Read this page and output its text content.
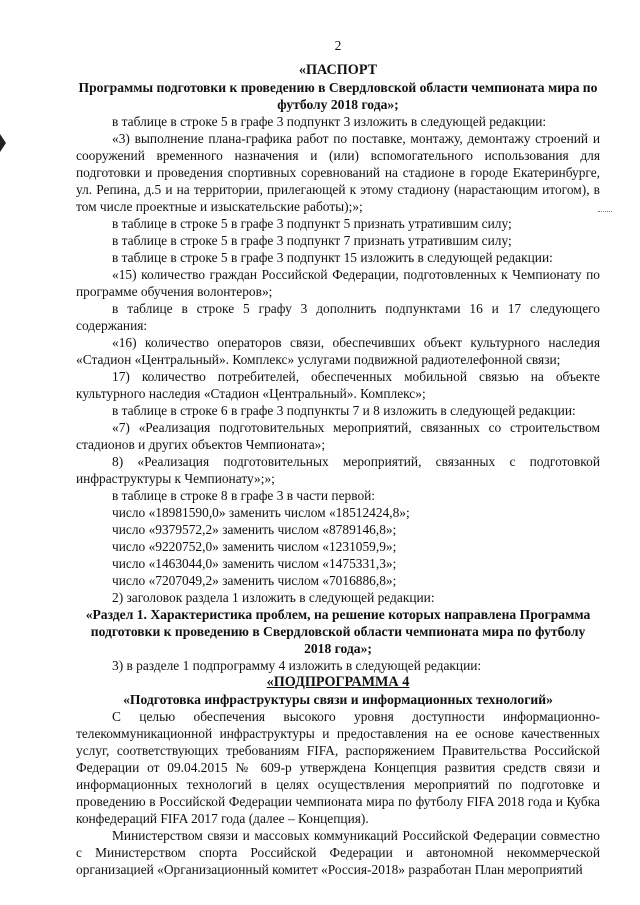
2
«ПАСПОРТ
Программы подготовки к проведению в Свердловской области чемпионата мира по футболу 2018 года»;
в таблице в строке 5 в графе 3 подпункт 3 изложить в следующей редакции:
«3) выполнение плана-графика работ по поставке, монтажу, демонтажу строений и сооружений временного назначения и (или) вспомогательного использования для подготовки и проведения спортивных соревнований на стадионе в городе Екатеринбурге, ул. Репина, д.5 и на территории, прилегающей к этому стадиону (нарастающим итогом), в том числе проектные и изыскательские работы);»;
в таблице в строке 5 в графе 3 подпункт 5 признать утратившим силу;
в таблице в строке 5 в графе 3 подпункт 7 признать утратившим силу;
в таблице в строке 5 в графе 3 подпункт 15 изложить в следующей редакции:
«15) количество граждан Российской Федерации, подготовленных к Чемпионату по программе обучения волонтеров»;
в таблице в строке 5 графу 3 дополнить подпунктами 16 и 17 следующего содержания:
«16) количество операторов связи, обеспечивших объект культурного наследия «Стадион «Центральный». Комплекс» услугами подвижной радиотелефонной связи;
17) количество потребителей, обеспеченных мобильной связью на объекте культурного наследия «Стадион «Центральный». Комплекс»;
в таблице в строке 6 в графе 3 подпункты 7 и 8 изложить в следующей редакции:
«7) «Реализация подготовительных мероприятий, связанных со строительством стадионов и других объектов Чемпионата»;
8) «Реализация подготовительных мероприятий, связанных с подготовкой инфраструктуры к Чемпионату»;»;
в таблице в строке 8 в графе 3 в части первой:
число «18981590,0» заменить числом «18512424,8»;
число «9379572,2» заменить числом «8789146,8»;
число «9220752,0» заменить числом «1231059,9»;
число «1463044,0» заменить числом «1475331,3»;
число «7207049,2» заменить числом «7016886,8»;
2) заголовок раздела 1 изложить в следующей редакции:
«Раздел 1. Характеристика проблем, на решение которых направлена Программа подготовки к проведению в Свердловской области чемпионата мира по футболу 2018 года»;
3) в разделе 1 подпрограмму 4 изложить в следующей редакции:
«ПОДПРОГРАММА 4
«Подготовка инфраструктуры связи и информационных технологий»
С целью обеспечения высокого уровня доступности информационно-телекоммуникационной инфраструктуры и предоставления на ее основе качественных услуг, соответствующих требованиям FIFA, распоряжением Правительства Российской Федерации от 09.04.2015 № 609-р утверждена Концепция развития средств связи и информационных технологий в целях осуществления мероприятий по подготовке и проведению в Российской Федерации чемпионата мира по футболу FIFA 2018 года и Кубка конфедераций FIFA 2017 года (далее – Концепция).
Министерством связи и массовых коммуникаций Российской Федерации совместно с Министерством спорта Российской Федерации и автономной некоммерческой организацией «Организационный комитет «Россия-2018» разработан План мероприятий
